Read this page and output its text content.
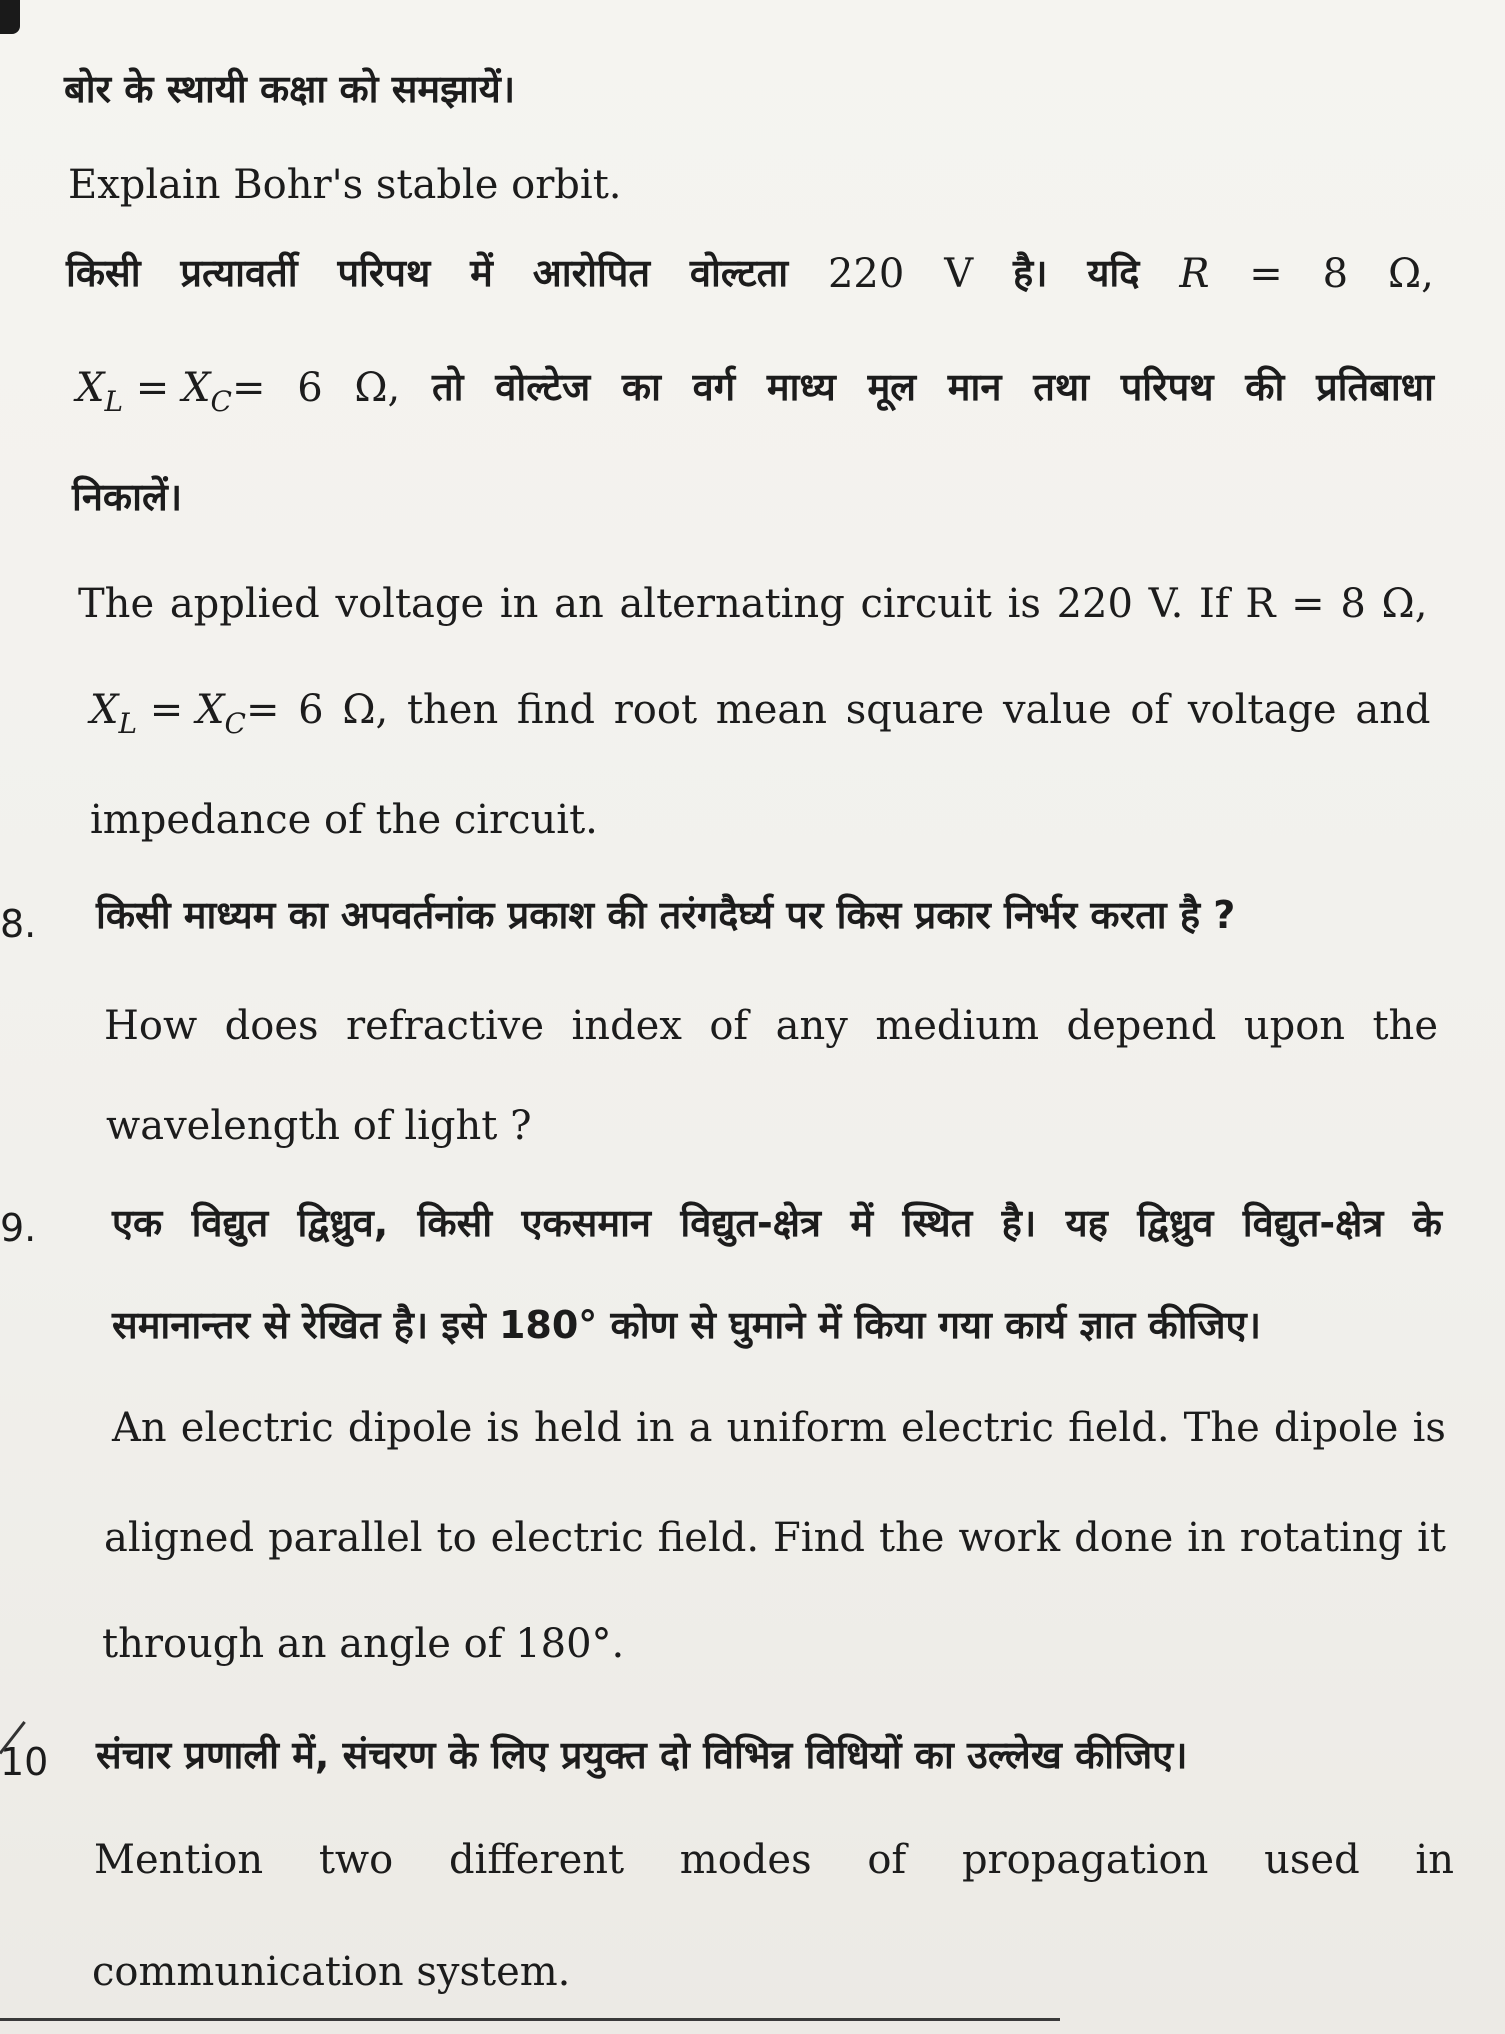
बोर के स्थायी कक्षा को समझायें।
Explain Bohr's stable orbit.
किसी प्रत्यावर्ती परिपथ में आरोपित वोल्टता 220 V है। यदि R = 8 Ω,
$X_L = X_C= 6$ Ω, तो वोल्टेज का वर्ग माध्य मूल मान तथा परिपथ की प्रतिबाधा
निकालें।
The applied voltage in an alternating circuit is 220 V. If R = 8 Ω,
$X_L = X_C= 6$ Ω, then find root mean square value of voltage and
impedance of the circuit.
8. किसी माध्यम का अपवर्तनांक प्रकाश की तरंगदैर्घ्य पर किस प्रकार निर्भर करता है ?
How does refractive index of any medium depend upon the
wavelength of light ?
9. एक विद्युत द्विध्रुव, किसी एकसमान विद्युत-क्षेत्र में स्थित है। यह द्विध्रुव विद्युत-क्षेत्र के
समानान्तर से रेखित है। इसे 180° कोण से घुमाने में किया गया कार्य ज्ञात कीजिए।
An electric dipole is held in a uniform electric field. The dipole is
aligned parallel to electric field. Find the work done in rotating it
through an angle of 180°.
10 संचार प्रणाली में, संचरण के लिए प्रयुक्त दो विभिन्न विधियों का उल्लेख कीजिए।
Mention two different modes of propagation used in
communication system.
